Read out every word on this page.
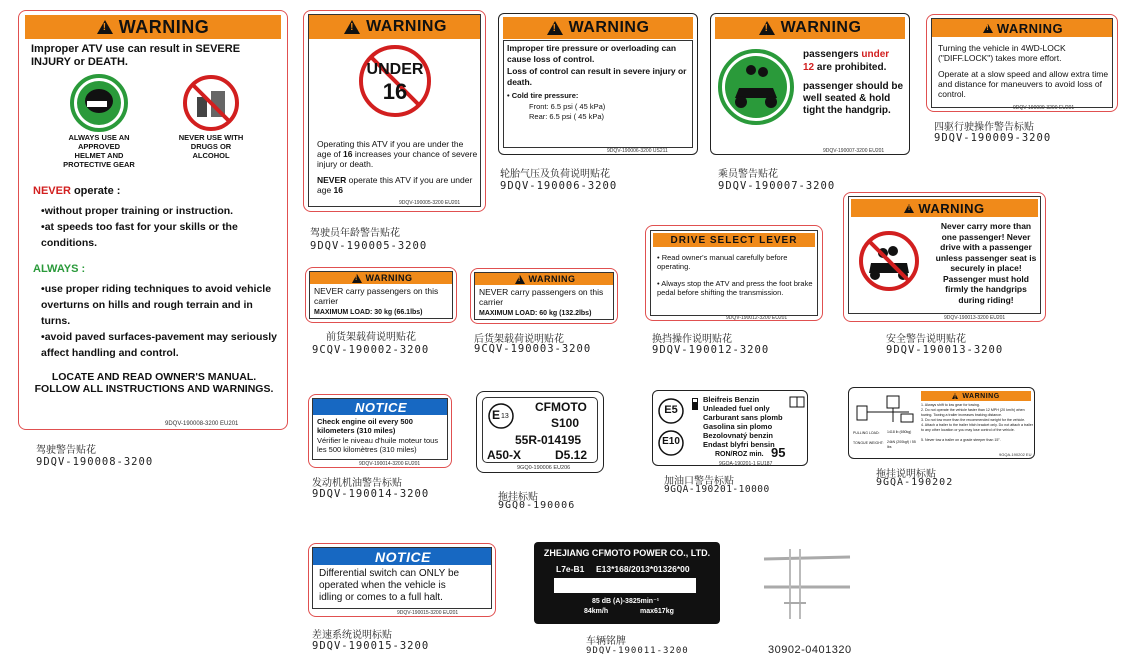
!
WARNING
Improper ATV use can result in SEVERE INJURY or DEATH.
ALWAYS USE AN APPROVED HELMET AND PROTECTIVE GEAR
NEVER USE WITH DRUGS OR ALCOHOL
NEVER operate :
•without proper training or instruction.
•at speeds too fast for your skills or the conditions.
ALWAYS :
•use proper riding techniques to avoid vehicle overturns on hills and rough terrain and in turns.
•avoid paved surfaces-pavement may seriously affect handling and control.
LOCATE AND READ OWNER'S MANUAL. FOLLOW ALL INSTRUCTIONS AND WARNINGS.
9DQV-190008-3200 EU201
驾驶警告贴花
9DQV-190008-3200
!
WARNING
UNDER
16
Operating this ATV if you are under the age of 16 increases your chance of severe injury or death.
NEVER operate this ATV if you are under age 16
9DQV-190005-3200 EU201
驾驶员年龄警告贴花
9DQV-190005-3200
!
WARNING
Improper tire pressure or overloading can cause loss of control.
Loss of control can result in severe injury or death.
• Cold tire pressure:
Front: 6.5 psi ( 45 kPa)
Rear: 6.5 psi ( 45 kPa)
9DQV-190006-3200 US211
轮胎气压及负荷说明贴花
9DQV-190006-3200
!
WARNING
passengers under
12 are prohibited.
passenger should be well seated & hold tight the handgrip.
9DQV-190007-3200 EU201
乘员警告贴花
9DQV-190007-3200
!
WARNING
Turning the vehicle in 4WD-LOCK ("DIFF.LOCK") takes more effort.
Operate at a slow speed and allow extra time and distance for maneuvers to avoid loss of control.
9DQV-190009-3200 EU201
四驱行驶操作警告标贴
9DQV-190009-3200
!
WARNING
NEVER carry passengers on this carrier
MAXIMUM LOAD: 30 kg (66.1lbs)
前货架载荷说明贴花
9CQV-190002-3200
!
WARNING
NEVER carry passengers on this carrier
MAXIMUM LOAD: 60 kg (132.2lbs)
后货架载荷说明贴花
9CQV-190003-3200
DRIVE SELECT LEVER
• Read owner's manual carefully before operating.
• Always stop the ATV and press the foot brake pedal before shifting the transmission.
9DQV-190012-3200 EU201
换挡操作说明贴花
9DQV-190012-3200
!
WARNING
Never carry more than one passenger! Never drive with a passenger unless passenger seat is securely in place! Passenger must hold firmly the handgrips during riding!
9DQV-190013-3200 EU201
安全警告说明贴花
9DQV-190013-3200
NOTICE
Check engine oil every 500 kilometers (310 miles)
Vérifier le niveau d'huile moteur tous les 500 kilomètres (310 miles)
9DQV-190014-3200 EU201
发动机机油警告标贴
9DQV-190014-3200
E 13
CFMOTO
S100
55R-014195
A50-X	D5.12
9GQ0-190006 EU206
拖挂标贴
9GQ0-190006
E5
E10
Bleifreis Benzin
Unleaded fuel only
Carburant sans plomb
Gasolina sin plomo
Bezolovnatý benzin
Endast blyfri bensin
RON/ROZ min. 95
9GQA-190201-1 EU187
加油口警告标贴
9GQA-190201-10000
PULLING LOAD: 1418 lb (650kg)
TONGUE WEIGHT: 24kN (200kgf) / 55 lbs
!
WARNING
1. Always shift to low gear for towing.
2. Do not operate the vehicle faster than 12 MPH (20 km/h) when towing. Towing a trailer increases braking distance.
3. Do not tow more than the recommended weight for the vehicle.
4. Attach a trailer to the trailer hitch bracket only. Do not attach a trailer to any other location or you may lose control of the vehicle.
5. Never tow a trailer on a grade steeper than 15°.
9GQA-190202 EU
拖挂说明标贴
9GQA-190202
NOTICE
Differential switch can ONLY be
operated when the vehicle is
idling or comes to a full halt.
9DQV-190015-3200 EU201
差速系统说明标贴
9DQV-190015-3200
ZHEJIANG CFMOTO POWER CO., LTD.
L7e-B1 E13*168/2013*01326*00
85 dB (A)-3825min⁻¹
84km/h	max617kg
车辆铭牌
9DQV-190011-3200	30902-0401320
